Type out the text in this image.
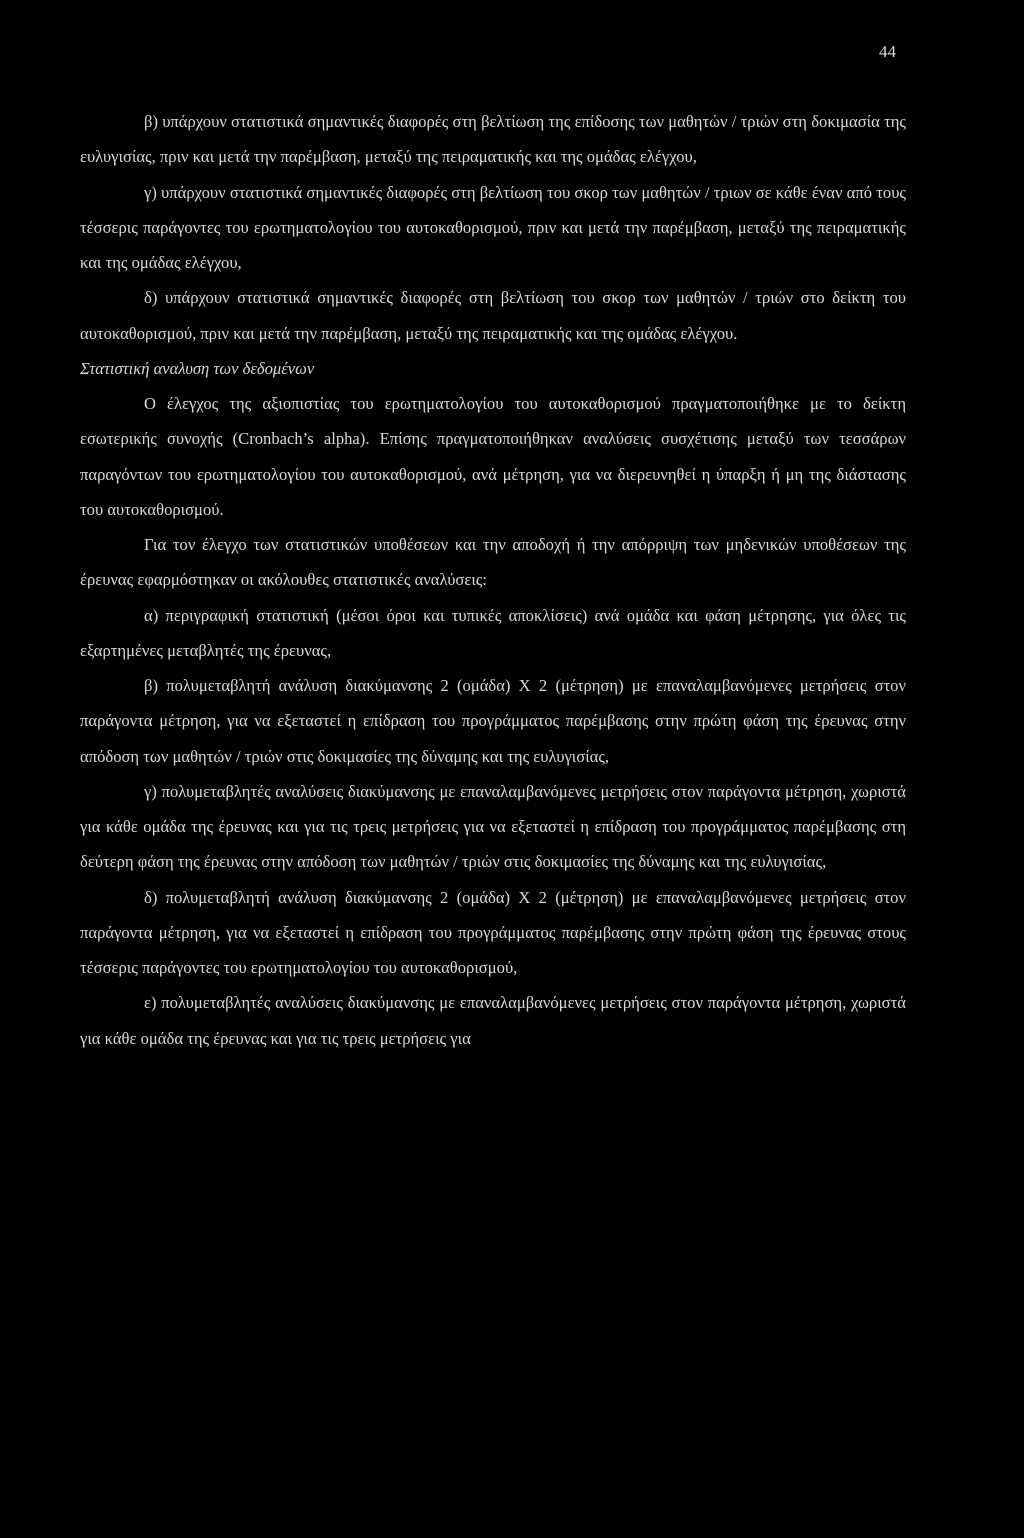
44

β) υπάρχουν στατιστικά σημαντικές διαφορές στη βελτίωση της επίδοσης των μαθητών / τριών στη δοκιμασία της ευλυγισίας, πριν και μετά την παρέμβαση, μεταξύ της πειραματικής και της ομάδας ελέγχου,

γ) υπάρχουν στατιστικά σημαντικές διαφορές στη βελτίωση του σκορ των μαθητών / τριων σε κάθε έναν από τους τέσσερις παράγοντες του ερωτηματολογίου του αυτοκαθορισμού, πριν και μετά την παρέμβαση, μεταξύ της πειραματικής και της ομάδας ελέγχου,

δ) υπάρχουν στατιστικά σημαντικές διαφορές στη βελτίωση του σκορ των μαθητών / τριών στο δείκτη του αυτοκαθορισμού, πριν και μετά την παρέμβαση, μεταξύ της πειραματικής και της ομάδας ελέγχου.

Στατιστική αναλυση των δεδομένων

Ο έλεγχος της αξιοπιστίας του ερωτηματολογίου του αυτοκαθορισμού πραγματοποιήθηκε με το δείκτη εσωτερικής συνοχής (Cronbach’s alpha). Επίσης πραγματοποιήθηκαν αναλύσεις συσχέτισης μεταξύ των τεσσάρων παραγόντων του ερωτηματολογίου του αυτοκαθορισμού, ανά μέτρηση, για να διερευνηθεί η ύπαρξη ή μη της διάστασης του αυτοκαθορισμού.

Για τον έλεγχο των στατιστικών υποθέσεων και την αποδοχή ή την απόρριψη των μηδενικών υποθέσεων της έρευνας εφαρμόστηκαν οι ακόλουθες στατιστικές αναλύσεις:

α) περιγραφική στατιστική (μέσοι όροι και τυπικές αποκλίσεις) ανά ομάδα και φάση μέτρησης, για όλες τις εξαρτημένες μεταβλητές της έρευνας,

β) πολυμεταβλητή ανάλυση διακύμανσης 2 (ομάδα) Χ 2 (μέτρηση) με επαναλαμβανόμενες μετρήσεις στον παράγοντα μέτρηση, για να εξεταστεί η επίδραση του προγράμματος παρέμβασης στην πρώτη φάση της έρευνας στην απόδοση των μαθητών / τριών στις δοκιμασίες της δύναμης και της ευλυγισίας,

γ) πολυμεταβλητές αναλύσεις διακύμανσης με επαναλαμβανόμενες μετρήσεις στον παράγοντα μέτρηση, χωριστά για κάθε ομάδα της έρευνας και για τις τρεις μετρήσεις για να εξεταστεί η επίδραση του προγράμματος παρέμβασης στη δεύτερη φάση της έρευνας στην απόδοση των μαθητών / τριών στις δοκιμασίες της δύναμης και της ευλυγισίας,

δ) πολυμεταβλητή ανάλυση διακύμανσης 2 (ομάδα) Χ 2 (μέτρηση) με επαναλαμβανόμενες μετρήσεις στον παράγοντα μέτρηση, για να εξεταστεί η επίδραση του προγράμματος παρέμβασης στην πρώτη φάση της έρευνας στους τέσσερις παράγοντες του ερωτηματολογίου του αυτοκαθορισμού,

ε) πολυμεταβλητές αναλύσεις διακύμανσης με επαναλαμβανόμενες μετρήσεις στον παράγοντα μέτρηση, χωριστά για κάθε ομάδα της έρευνας και για τις τρεις μετρήσεις για
